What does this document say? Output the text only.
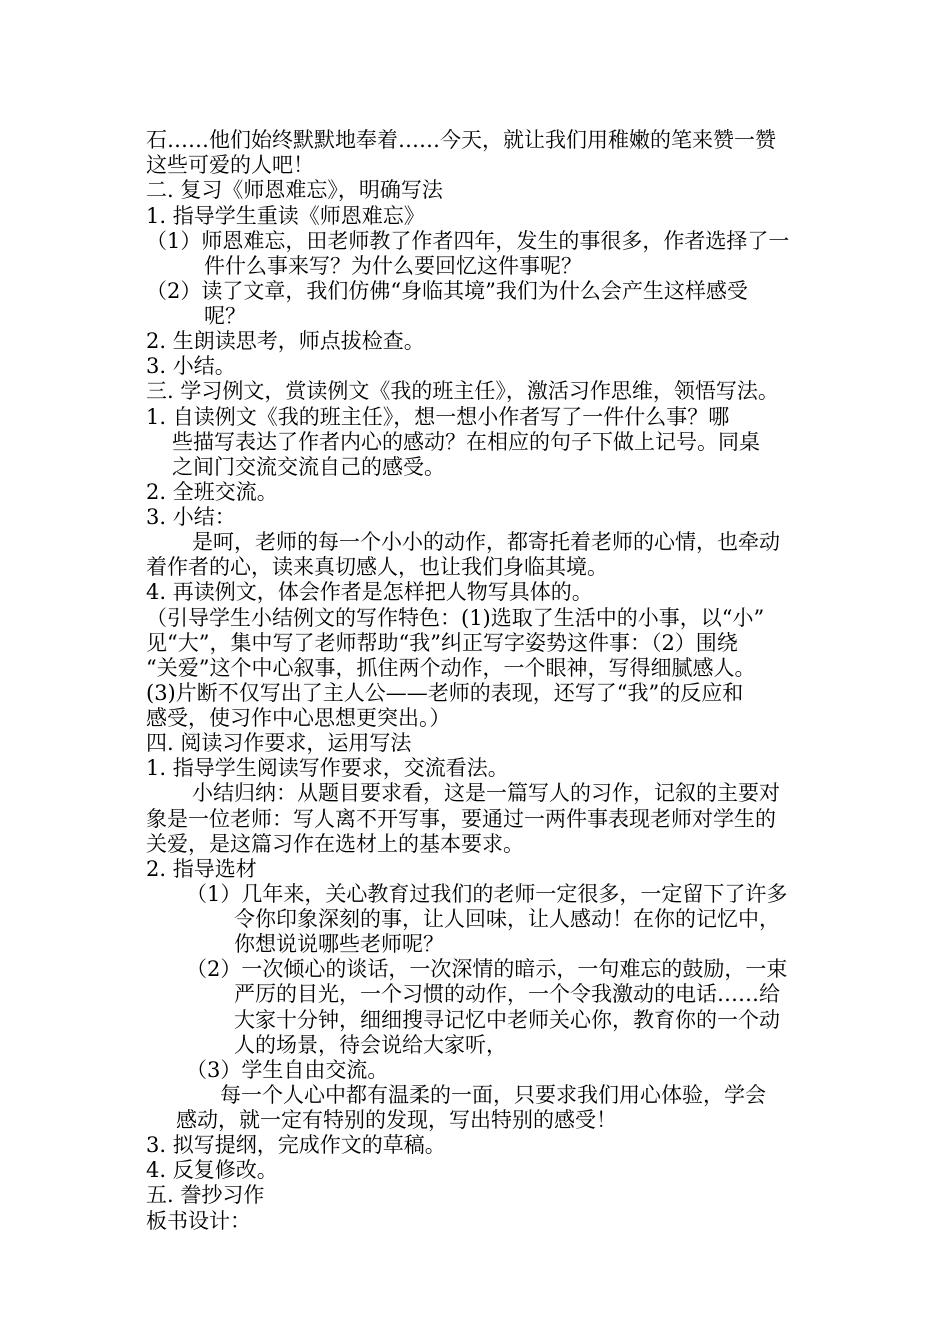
石……他们始终默默地奉着……今天，就让我们用稚嫩的笔来赞一赞
这些可爱的人吧！
二. 复习《师恩难忘》，明确写法
1. 指导学生重读《师恩难忘》
（1）师恩难忘，田老师教了作者四年，发生的事很多，作者选择了一
件什么事来写？为什么要回忆这件事呢？
（2）读了文章，我们仿佛“身临其境”我们为什么会产生这样感受
呢？
2. 生朗读思考，师点拔检查。
3. 小结。
三. 学习例文，赏读例文《我的班主任》，激活习作思维，领悟写法。
1. 自读例文《我的班主任》，想一想小作者写了一件什么事？哪
些描写表达了作者内心的感动？在相应的句子下做上记号。同桌
之间门交流交流自己的感受。
2. 全班交流。
3. 小结：
是呵，老师的每一个小小的动作，都寄托着老师的心情，也牵动
着作者的心，读来真切感人，也让我们身临其境。
4. 再读例文，体会作者是怎样把人物写具体的。
（引导学生小结例文的写作特色：(1)选取了生活中的小事，以“小”
见“大”，集中写了老师帮助“我”纠正写字姿势这件事：（2）围绕
“关爱”这个中心叙事，抓住两个动作，一个眼神，写得细腻感人。
(3)片断不仅写出了主人公——老师的表现，还写了“我”的反应和
感受，使习作中心思想更突出。）
四. 阅读习作要求，运用写法
1. 指导学生阅读写作要求，交流看法。
小结归纳：从题目要求看，这是一篇写人的习作，记叙的主要对
象是一位老师：写人离不开写事，要通过一两件事表现老师对学生的
关爱，是这篇习作在选材上的基本要求。
2. 指导选材
（1）几年来，关心教育过我们的老师一定很多，一定留下了许多
令你印象深刻的事，让人回味，让人感动！在你的记忆中，
你想说说哪些老师呢？
（2）一次倾心的谈话，一次深情的暗示，一句难忘的鼓励，一束
严厉的目光，一个习惯的动作，一个令我激动的电话……给
大家十分钟，细细搜寻记忆中老师关心你，教育你的一个动
人的场景，待会说给大家听，
（3）学生自由交流。
每一个人心中都有温柔的一面，只要求我们用心体验，学会
感动，就一定有特别的发现，写出特别的感受！
3. 拟写提纲，完成作文的草稿。
4. 反复修改。
五. 誊抄习作
板书设计：
